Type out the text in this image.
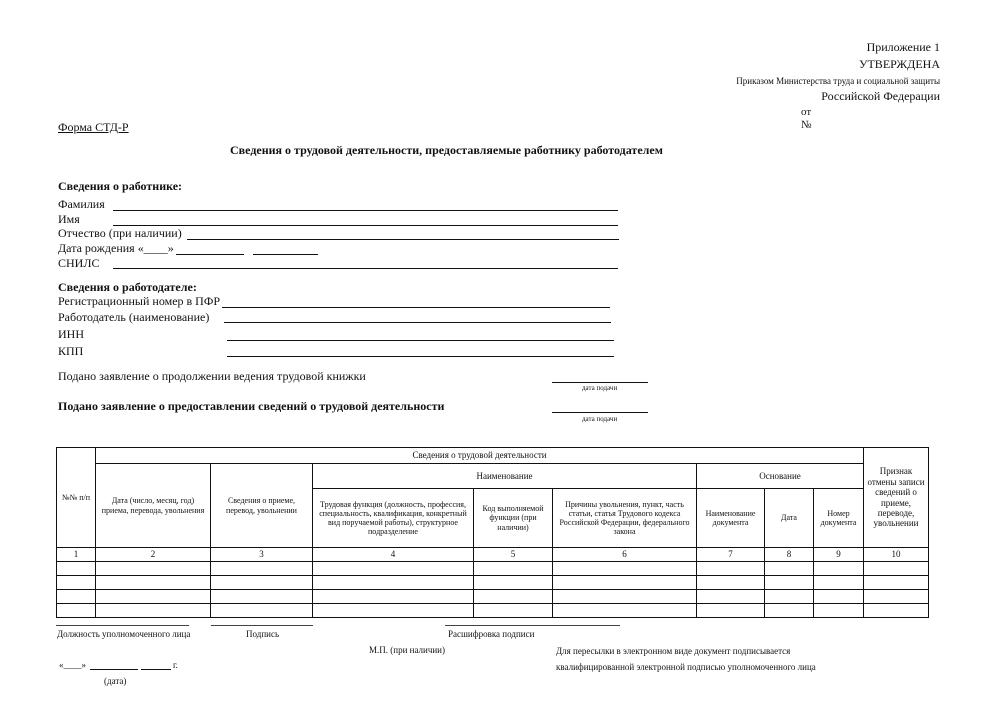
Приложение 1
УТВЕРЖДЕНА
Приказом Министерства труда и социальной защиты
Российской Федерации
от
№
Форма СТД-Р
Сведения о трудовой деятельности, предоставляемые работнику работодателем
Сведения о работнике:
Фамилия
Имя
Отчество (при наличии)
Дата рождения «____»
СНИЛС
Сведения о работодателе:
Регистрационный номер в ПФР
Работодатель (наименование)
ИНН
КПП
Подано заявление о продолжении ведения трудовой книжки
дата подачи
Подано заявление о предоставлении сведений о трудовой деятельности
дата подачи
№№ п/п	Сведения о трудовой деятельности								Признак отмены записи сведений о приеме, переводе, увольнении
	Дата (число, месяц, год) приема, перевода, увольнения	Сведения о приеме, перевод, увольнении	Наименование			Основание			
			Трудовая функция (должность, профессия, специальность, квалификация, конкретный вид поручаемой работы), структурное подразделение	Код выполняемой функции (при наличии)	Причины увольнения, пункт, часть статьи, статья Трудового кодекса Российской Федерации, федерального закона	Наименование документа	Дата	Номер документа	
1	2	3	4	5	6	7	8	9	10

Должность уполномоченного лица	Подпись	Расшифровка подписи
М.П. (при наличии)	Для пересылки в электронном виде документ подписывается
квалифицированной электронной подписью уполномоченного лица
«____»	г.
(дата)
